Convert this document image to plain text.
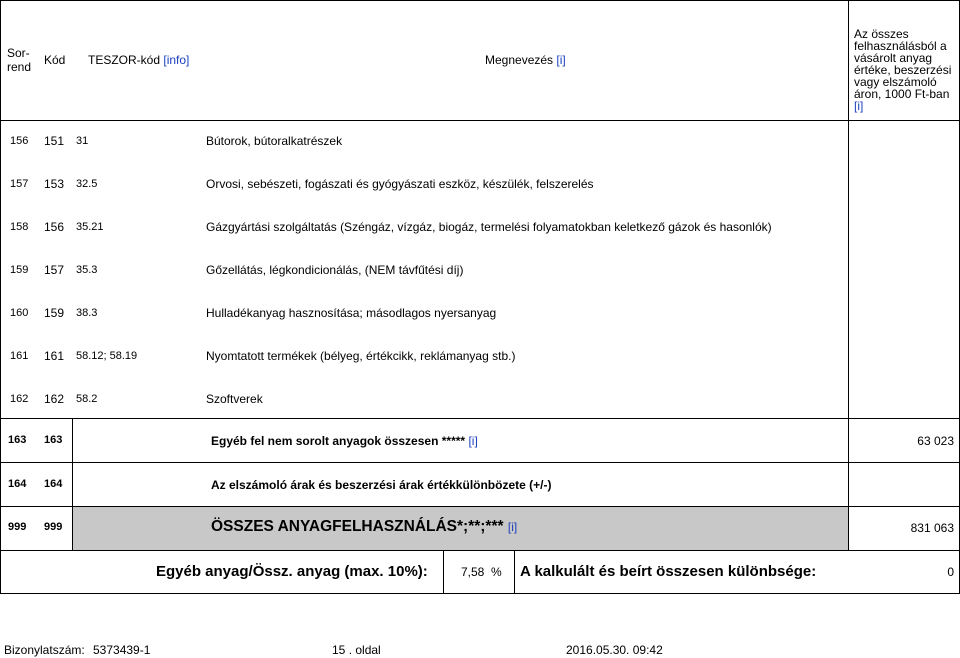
Sor-
rend Kód TESZOR-kód [info]	Megnevezés [i]

Az összes
felhasználásból a
vásárolt anyag
értéke, beszerzési
vagy elszámoló
áron, 1000 Ft-ban

[i]

156 151 31	Bútorok, bútoralkatrészek
157 153 32.5	Orvosi, sebészeti, fogászati és gyógyászati eszköz, készülék, felszerelés
158 156 35.21	Gázgyártási szolgáltatás (Széngáz, vízgáz, biogáz, termelési folyamatokban keletkező gázok és hasonlók)
159 157 35.3	Gőzellátás, légkondicionálás, (NEM távfűtési díj)
160 159 38.3	Hulladékanyag hasznosítása; másodlagos nyersanyag
161 161 58.12; 58.19	Nyomtatott termékek (bélyeg, értékcikk, reklámanyag stb.)
162 162 58.2	Szoftverek
163 163	Egyéb fel nem sorolt anyagok összesen ***** [i]	63 023
164 164	Az elszámoló árak és beszerzési árak értékkülönbözete (+/-)
999 999	ÖSSZES ANYAGFELHASZNÁLÁS*;**;*** [i]	831 063
Egyéb anyag/Össz. anyag (max. 10%):	7,58 % A kalkulált és beírt összesen különbsége:	0
Bizonylatszám: 5373439-1	15 . oldal	2016.05.30. 09:42
